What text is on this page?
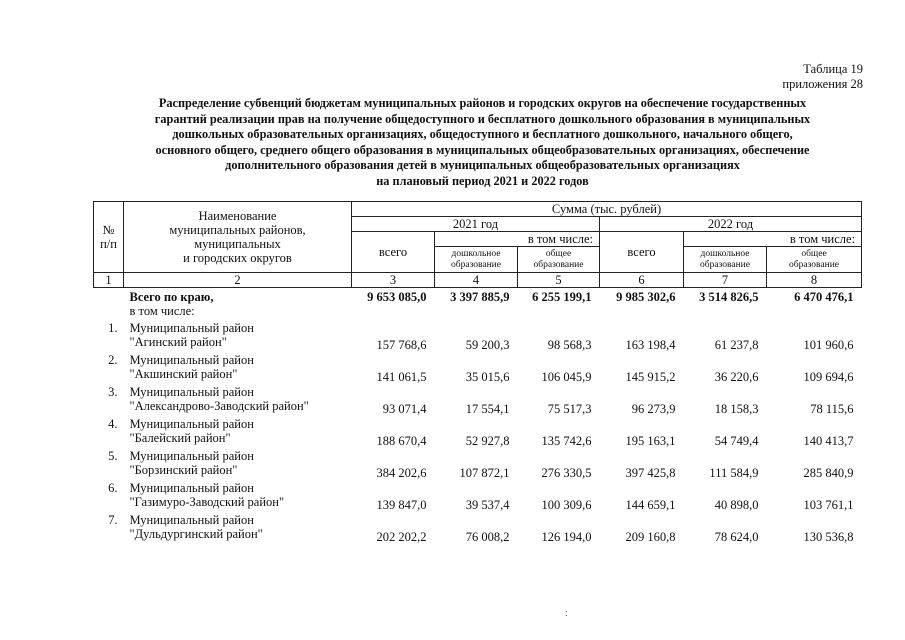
Таблица 19
приложения 28
Распределение субвенций бюджетам муниципальных районов и городских округов на обеспечение государственных
гарантий реализации прав на получение общедоступного и бесплатного дошкольного образования в муниципальных
дошкольных образовательных организациях, общедоступного и бесплатного дошкольного, начального общего,
основного общего, среднего общего образования в муниципальных общеобразовательных организациях, обеспечение
дополнительного образования детей в муниципальных общеобразовательных организациях
на плановый период 2021 и 2022 годов
№
п/п	Наименование
муниципальных районов,
муниципальных
и городских округов	Сумма (тыс. рублей)					
		2021 год			2022 год		
		всего	в том числе:		всего	в том числе:	
			дошкольное
образование	общее
образование		дошкольное
образование	общее
образование
1	2	3	4	5	6	7	8
	Всего по краю,	9 653 085,0	3 397 885,9	6 255 199,1	9 985 302,6	3 514 826,5	6 470 476,1
	в том числе:						
1.	Муниципальный район
"Агинский район"	157 768,6	59 200,3	98 568,3	163 198,4	61 237,8	101 960,6
2.	Муниципальный район
"Акшинский район"	141 061,5	35 015,6	106 045,9	145 915,2	36 220,6	109 694,6
3.	Муниципальный район
"Александрово-Заводский район"	93 071,4	17 554,1	75 517,3	96 273,9	18 158,3	78 115,6
4.	Муниципальный район
"Балейский район"	188 670,4	52 927,8	135 742,6	195 163,1	54 749,4	140 413,7
5.	Муниципальный район
"Борзинский район"	384 202,6	107 872,1	276 330,5	397 425,8	111 584,9	285 840,9
6.	Муниципальный район
"Газимуро-Заводский район"	139 847,0	39 537,4	100 309,6	144 659,1	40 898,0	103 761,1
7.	Муниципальный район
"Дульдургинский район"	202 202,2	76 008,2	126 194,0	209 160,8	78 624,0	130 536,8
:
